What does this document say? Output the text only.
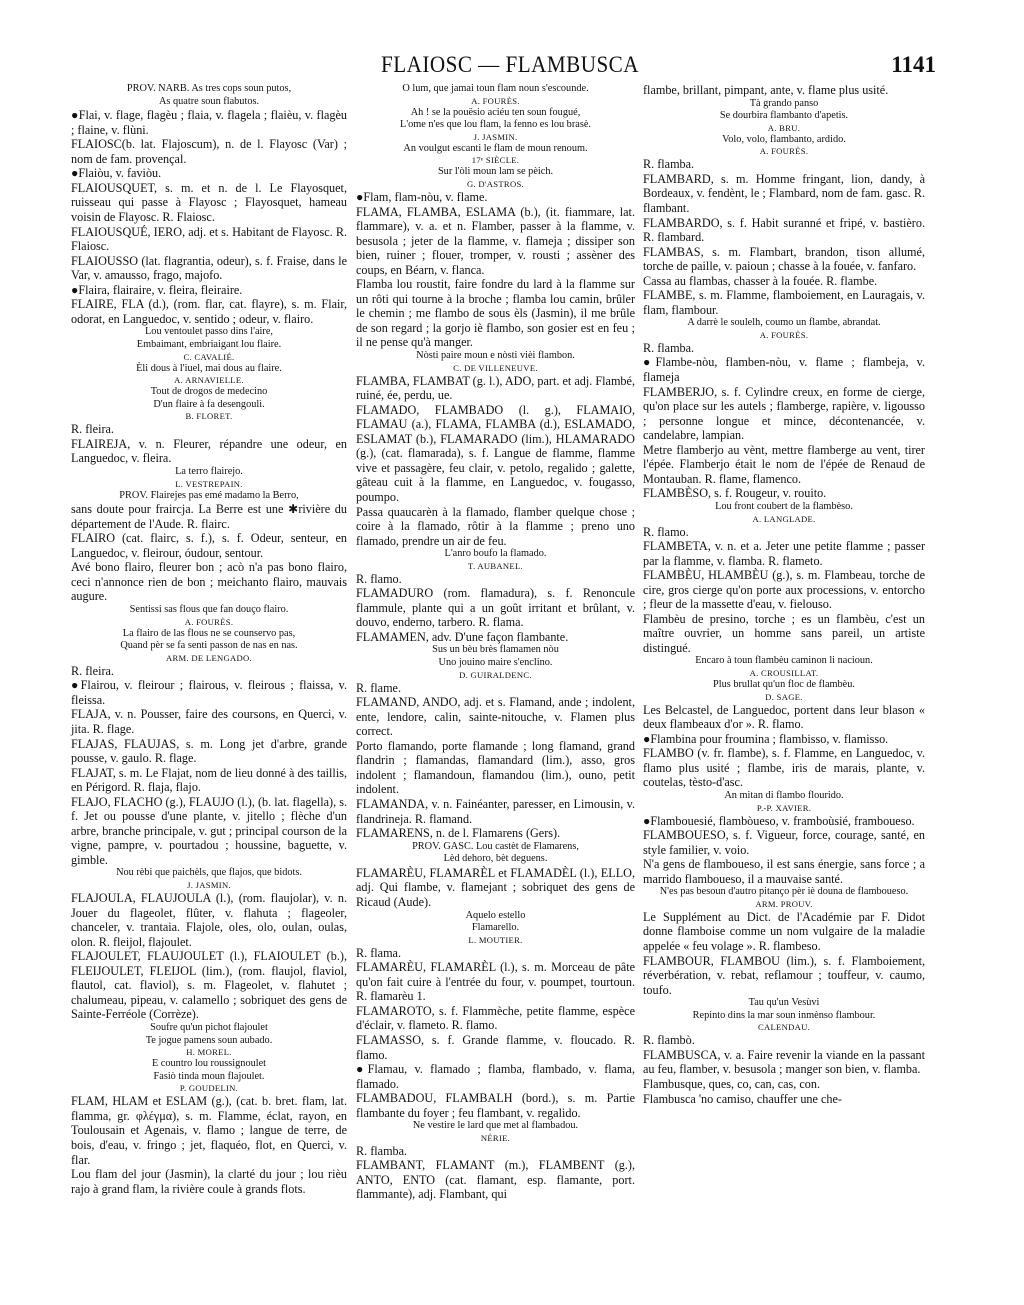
FLAIOSC — FLAMBUSCA	1141

PROV. NARB. As tres cops soun putos,

As quatre soun flabutos.

●Flai, v. flage, flagèu ; flaia, v. flagela ; flaièu, v. flagèu ; flaine, v. flùni.

FLAIOSC(b. lat. Flajoscum), n. de l. Flayosc (Var) ; nom de fam. provençal.

●Flaiòu, v. faviòu.

FLAIOUSQUET, s. m. et n. de l. Le Flayosquet, ruisseau qui passe à Flayosc ; Flayosquet, hameau voisin de Flayosc. R. Flaiosc.

FLAIOUSQUÉ, IERO, adj. et s. Habitant de Flayosc. R. Flaiosc.

FLAIOUSSO (lat. flagrantia, odeur), s. f. Fraise, dans le Var, v. amausso, frago, majofo.

●Flaira, flairaire, v. fleira, fleiraire.

FLAIRE, FLA (d.), (rom. flar, cat. flayre), s. m. Flair, odorat, en Languedoc, v. sentido ; odeur, v. flairo.

Lou ventoulet passo dins l'aire,

Embaimant, embriaigant lou flaire.

C. CAVALIÉ.

Èli dous à l'iuel, mai dous au flaire.

A. ARNAVIELLE.

Tout de drogos de medecino

D'un flaire à fa desengoulì.

B. FLORET.

R. fleira.

FLAIREJA, v. n. Fleurer, répandre une odeur, en Languedoc, v. fleira.

La terro flairejo.

L. VESTREPAIN.

PROV. Flairejes pas emé madamo la Berro,

sans doute pour fraircja. La Berre est une ✱rivière du département de l'Aude. R. flairc.

FLAIRO (cat. flairc, s. f.), s. f. Odeur, senteur, en Languedoc, v. fleirour, óudour, sentour.

Avé bono flairo, fleurer bon ; acò n'a pas bono flairo, ceci n'annonce rien de bon ; meichanto flairo, mauvais augure.

Sentissi sas flous que fan douço flairo.

A. FOURÈS.

La flairo de las flous ne se counservo pas,

Quand pèr se fa senti passon de nas en nas.

ARM. DE LENGADO.

R. fleira.

●Flairou, v. fleirour ; flairous, v. fleirous ; flaissa, v. fleissa.

FLAJA, v. n. Pousser, faire des coursons, en Querci, v. jita. R. flage.

FLAJAS, FLAUJAS, s. m. Long jet d'arbre, grande pousse, v. gaulo. R. flage.

FLAJAT, s. m. Le Flajat, nom de lieu donné à des taillis, en Périgord. R. flaja, flajo.

FLAJO, FLACHO (g.), FLAUJO (l.), (b. lat. flagella), s. f. Jet ou pousse d'une plante, v. jitello ; flèche d'un arbre, branche principale, v. gut ; principal courson de la vigne, pampre, v. pourtadou ; houssine, baguette, v. gimble.

Nou rèbi que paichèls, que flajos, que bidots.

J. JASMIN.

FLAJOULA, FLAUJOULA (l.), (rom. flaujolar), v. n. Jouer du flageolet, flûter, v. flahuta ; flageoler, chanceler, v. trantaia. Flajole, oles, olo, oulan, oulas, olon. R. fleijol, flajoulet.

FLAJOULET, FLAUJOULET (l.), FLAIOULET (b.), FLEIJOULET, FLEIJOL (lim.), (rom. flaujol, flaviol, flautol, cat. flaviol), s. m. Flageolet, v. flahutet ; chalumeau, pipeau, v. calamello ; sobriquet des gens de Sainte-Ferréole (Corrèze).

Soufre qu'un pichot flajoulet

Te jogue pamens soun aubado.

H. MOREL.

E countro lou roussignoulet

Fasiò tinda moun flajoulet.

P. GOUDELIN.

FLAM, HLAM et ESLAM (g.), (cat. b. bret. flam, lat. flamma, gr. φλέγμα), s. m. Flamme, éclat, rayon, en Toulousain et Agenais, v. flamo ; langue de terre, de bois, d'eau, v. fringo ; jet, flaquéo, flot, en Querci, v. flar.

Lou flam del jour (Jasmin), la clarté du jour ; lou rièu rajo à grand flam, la rivière coule à grands flots.

O lum, que jamai toun flam noun s'escounde.

A. FOURÈS.

Ah ! se la pouësio aciéu ten soun fougué,

L'ome n'es que lou flam, la fenno es lou brasè.

J. JASMIN.

An voulgut escanti le flam de moun renoum.

17ᵉ SIÈCLE.

Sur l'òli moun lam se pèich.

G. D'ASTROS.

●Flam, flam-nòu, v. flame.

FLAMA, FLAMBA, ESLAMA (b.), (it. fiammare, lat. flammare), v. a. et n. Flamber, passer à la flamme, v. besusola ; jeter de la flamme, v. flameja ; dissiper son bien, ruiner ; flouer, tromper, v. rousti ; assèner des coups, en Béarn, v. flanca.

Flamba lou roustit, faire fondre du lard à la flamme sur un rôti qui tourne à la broche ; flamba lou camin, brûler le chemin ; me flambo de sous èls (Jasmin), il me brûle de son regard ; la gorjo iè flambo, son gosier est en feu ; il ne pense qu'à manger.

Nòsti paire moun e nòsti vièi flambon.

C. DE VILLENEUVE.

FLAMBA, FLAMBAT (g. l.), ADO, part. et adj. Flambé, ruiné, ée, perdu, ue.

FLAMADO, FLAMBADO (l. g.), FLAMAIO, FLAMAU (a.), FLAMA, FLAMBA (d.), ESLAMADO, ESLAMAT (b.), FLAMARADO (lim.), HLAMARADO (g.), (cat. flamarada), s. f. Langue de flamme, flamme vive et passagère, feu clair, v. petolo, regalido ; galette, gâteau cuit à la flamme, en Languedoc, v. fougasso, poumpo.

Passa quaucarèn à la flamado, flamber quelque chose ; coire à la flamado, rôtir à la flamme ; preno uno flamado, prendre un air de feu.

L'anro boufo la flamado.

T. AUBANEL.

R. flamo.

FLAMADURO (rom. flamadura), s. f. Renoncule flammule, plante qui a un goût irritant et brûlant, v. douvo, enderno, tarbero. R. flama.

FLAMAMEN, adv. D'une façon flambante.

Sus un bèu brès flamamen nòu

Uno jouino maire s'enclino.

D. GUIRALDENC.

R. flame.

FLAMAND, ANDO, adj. et s. Flamand, ande ; indolent, ente, lendore, calin, sainte-nitouche, v. Flamen plus correct.

Porto flamando, porte flamande ; long flamand, grand flandrin ; flamandas, flamandard (lim.), asso, gros indolent ; flamandoun, flamandou (lim.), ouno, petit indolent.

FLAMANDA, v. n. Fainéanter, paresser, en Limousin, v. flandrineja. R. flamand.

FLAMARENS, n. de l. Flamarens (Gers).

PROV. GASC. Lou castèt de Flamarens,

Lèd dehoro, bèt deguens.

FLAMARÈU, FLAMARÈL et FLAMADÈL (l.), ELLO, adj. Qui flambe, v. flamejant ; sobriquet des gens de Ricaud (Aude).

Aquelo estello

Flamarello.

L. MOUTIER.

R. flama.

FLAMARÈU, FLAMARÈL (l.), s. m. Morceau de pâte qu'on fait cuire à l'entrée du four, v. poumpet, tourtoun. R. flamarèu 1.

FLAMAROTO, s. f. Flammèche, petite flamme, espèce d'éclair, v. flameto. R. flamo.

FLAMASSO, s. f. Grande flamme, v. floucado. R. flamo.

●Flamau, v. flamado ; flamba, flambado, v. flama, flamado.

FLAMBADOU, FLAMBALH (bord.), s. m. Partie flambante du foyer ; feu flambant, v. regalido.

Ne vestire le lard que met al flambadou.

NÉRIE.

R. flamba.

FLAMBANT, FLAMANT (m.), FLAMBENT (g.), ANTO, ENTO (cat. flamant, esp. flamante, port. flammante), adj. Flambant, qui

flambe, brillant, pimpant, ante, v. flame plus usité.

Tà grando panso

Se dourbira flambanto d'apetis.

A. BRU.

Volo, volo, flambanto, ardido.

A. FOURÈS.

R. flamba.

FLAMBARD, s. m. Homme fringant, lion, dandy, à Bordeaux, v. fendènt, le ; Flambard, nom de fam. gasc. R. flambant.

FLAMBARDO, s. f. Habit suranné et fripé, v. bastièro. R. flambard.

FLAMBAS, s. m. Flambart, brandon, tison allumé, torche de paille, v. paioun ; chasse à la fouée, v. fanfaro.

Cassa au flambas, chasser à la fouée. R. flambe.

FLAMBE, s. m. Flamme, flamboiement, en Lauragais, v. flam, flambour.

A darrè le soulelh, coumo un flambe, abrandat.

A. FOURÈS.

R. flamba.

●Flambe-nòu, flamben-nòu, v. flame ; flambeja, v. flameja

FLAMBERJO, s. f. Cylindre creux, en forme de cierge, qu'on place sur les autels ; flamberge, rapière, v. ligousso ; personne longue et mince, décontenancée, v. candelabre, lampian.

Metre flamberjo au vènt, mettre flamberge au vent, tirer l'épée. Flamberjo était le nom de l'épée de Renaud de Montauban. R. flame, flamenco.

FLAMBÈSO, s. f. Rougeur, v. rouito.

Lou front coubert de la flambèso.

A. LANGLADE.

R. flamo.

FLAMBETA, v. n. et a. Jeter une petite flamme ; passer par la flamme, v. flamba. R. flameto.

FLAMBÈU, HLAMBÈU (g.), s. m. Flambeau, torche de cire, gros cierge qu'on porte aux processions, v. entorcho ; fleur de la massette d'eau, v. fielouso.

Flambèu de presino, torche ; es un flambèu, c'est un maître ouvrier, un homme sans pareil, un artiste distingué.

Encaro à toun flambèu caminon li nacioun.

A. CROUSILLAT.

Plus brullat qu'un floc de flambèu.

D. SAGE.

Les Belcastel, de Languedoc, portent dans leur blason « deux flambeaux d'or ». R. flamo.

●Flambina pour froumina ; flambisso, v. flamisso.

FLAMBO (v. fr. flambe), s. f. Flamme, en Languedoc, v. flamo plus usité ; flambe, iris de marais, plante, v. coutelas, tèsto-d'asc.

An mitan di flambo flourido.

P.-P. XAVIER.

●Flambouesié, flambòueso, v. framboùsié, framboueso.

FLAMBOUESO, s. f. Vigueur, force, courage, santé, en style familier, v. voio.

N'a gens de flamboueso, il est sans énergie, sans force ; a marrido flamboueso, il a mauvaise santé.

N'es pas besoun d'autro pitanço pèr iè douna de flamboueso.

ARM. PROUV.

Le Supplément au Dict. de l'Académie par F. Didot donne flamboise comme un nom vulgaire de la maladie appelée « feu volage ». R. flambeso.

FLAMBOUR, FLAMBOU (lim.), s. f. Flamboiement, réverbération, v. rebat, reflamour ; touffeur, v. caumo, toufo.

Tau qu'un Vesùvi

Repinto dins la mar soun inmènso flambour.

CALENDAU.

R. flambò.

FLAMBUSCA, v. a. Faire revenir la viande en la passant au feu, flamber, v. besusola ; manger son bien, v. flamba.

Flambusque, ques, co, can, cas, con.

Flambusca 'no camiso, chauffer une che-
